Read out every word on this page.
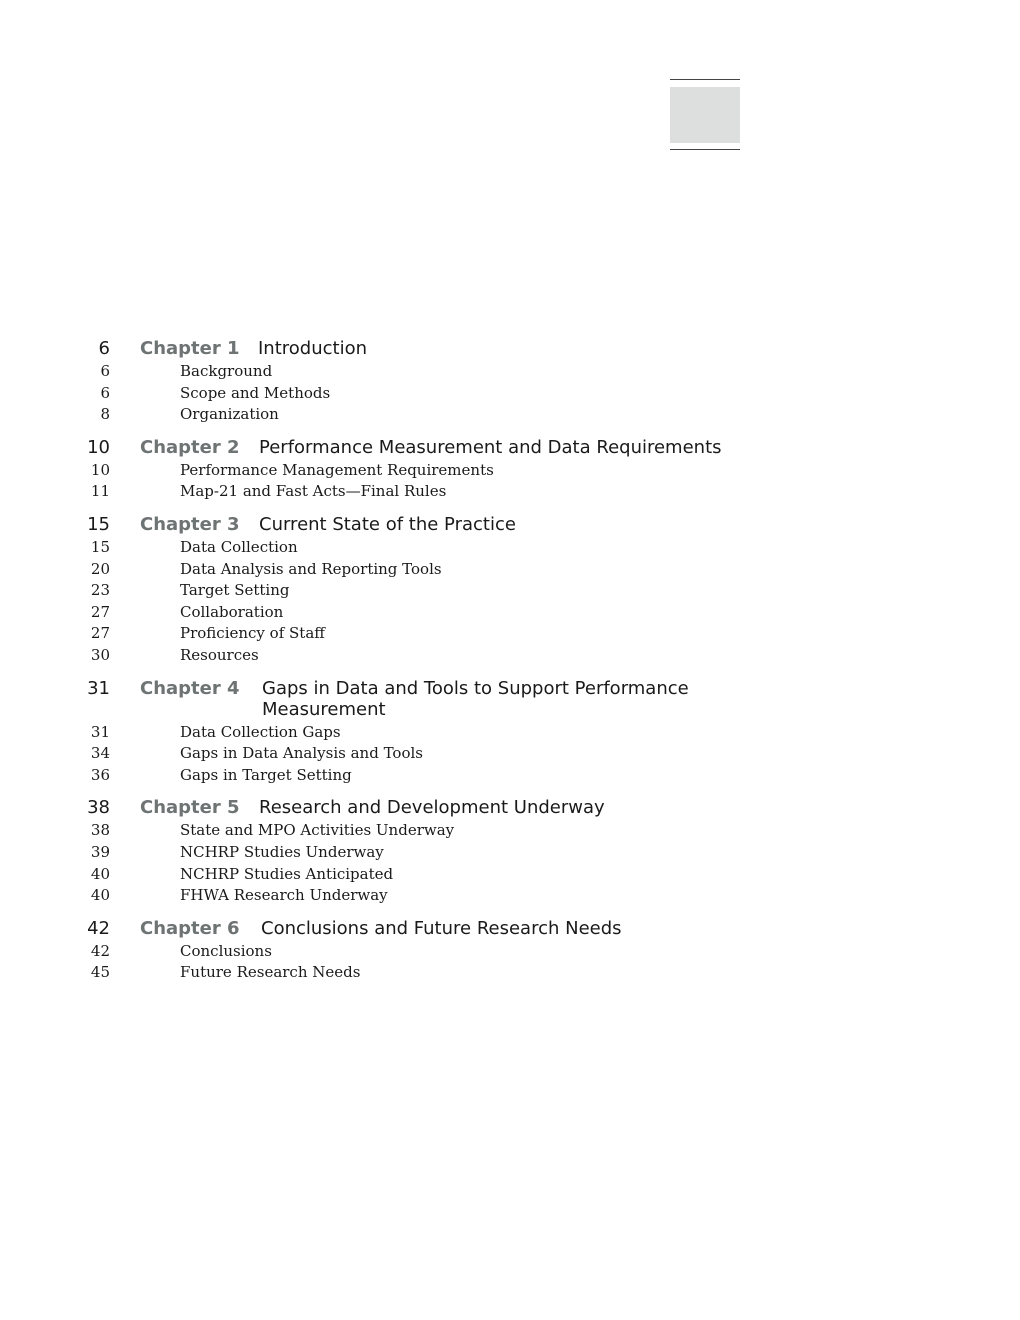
6 Chapter 1 Introduction
6	Background
6	Scope and Methods
8	Organization
10 Chapter 2 Performance Measurement and Data Requirements
10	Performance Management Requirements
11	Map-21 and Fast Acts—Final Rules
15 Chapter 3 Current State of the Practice
15	Data Collection
20	Data Analysis and Reporting Tools
23	Target Setting
27	Collaboration
27	Proficiency of Staff
30	Resources
31 Chapter 4 Gaps in Data and Tools to Support Performance Measurement
31	Data Collection Gaps
34	Gaps in Data Analysis and Tools
36	Gaps in Target Setting
38 Chapter 5 Research and Development Underway
38	State and MPO Activities Underway
39	NCHRP Studies Underway
40	NCHRP Studies Anticipated
40	FHWA Research Underway
42 Chapter 6 Conclusions and Future Research Needs
42	Conclusions
45	Future Research Needs
